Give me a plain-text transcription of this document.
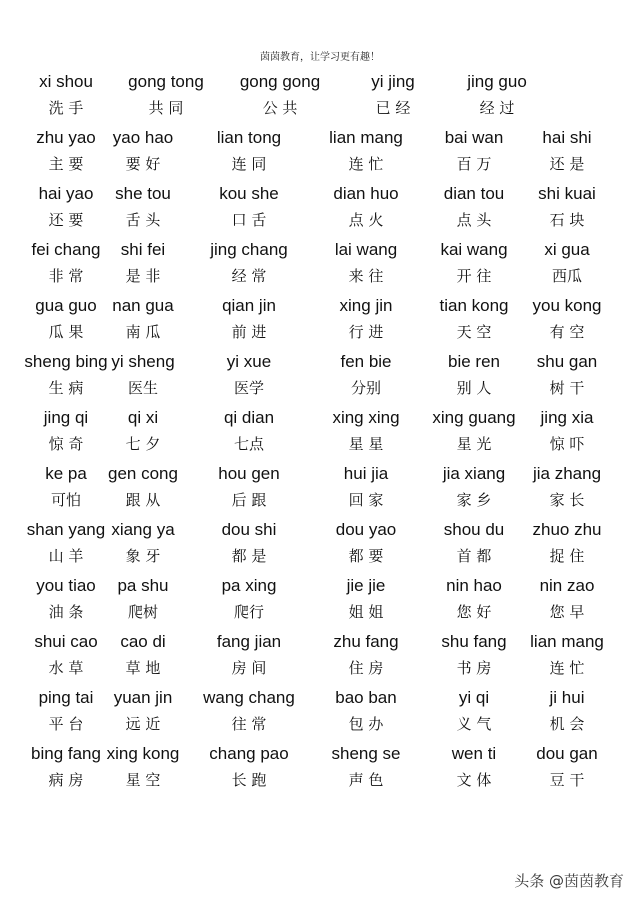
茵茵教育，让学习更有趣！
xi shou
洗 手
gong tong
共 同
gong gong
公 共
yi jing
已 经
jing guo
经 过
zhu yao
主 要
yao hao
要 好
lian tong
连 同
lian mang
连 忙
bai wan
百 万
hai shi
还 是
hai yao
还 要
she tou
舌 头
kou she
口 舌
dian huo
点 火
dian tou
点 头
shi kuai
石 块
fei chang
非 常
shi fei
是 非
jing chang
经 常
lai wang
来 往
kai wang
开 往
xi gua
西瓜
gua guo
瓜 果
nan gua
南 瓜
qian jin
前 进
xing jin
行 进
tian kong
天 空
you kong
有 空
sheng bing
生 病
yi sheng
医生
yi xue
医学
fen bie
分别
bie ren
别 人
shu gan
树 干
jing qi
惊 奇
qi xi
七 夕
qi dian
七点
xing xing
星 星
xing guang
星 光
jing xia
惊 吓
ke pa
可怕
gen cong
跟 从
hou gen
后 跟
hui jia
回 家
jia xiang
家 乡
jia zhang
家 长
shan yang
山 羊
xiang ya
象 牙
dou shi
都 是
dou yao
都 要
shou du
首 都
zhuo zhu
捉 住
you tiao
油 条
pa shu
爬树
pa xing
爬行
jie jie
姐 姐
nin hao
您 好
nin zao
您 早
shui cao
水 草
cao di
草 地
fang jian
房 间
zhu fang
住 房
shu fang
书 房
lian mang
连 忙
ping tai
平 台
yuan jin
远 近
wang chang
往 常
bao ban
包 办
yi qi
义 气
ji hui
机 会
bing fang
病 房
xing kong
星 空
chang pao
长 跑
sheng se
声 色
wen ti
文 体
dou gan
豆 干
头条 @茵茵教育
